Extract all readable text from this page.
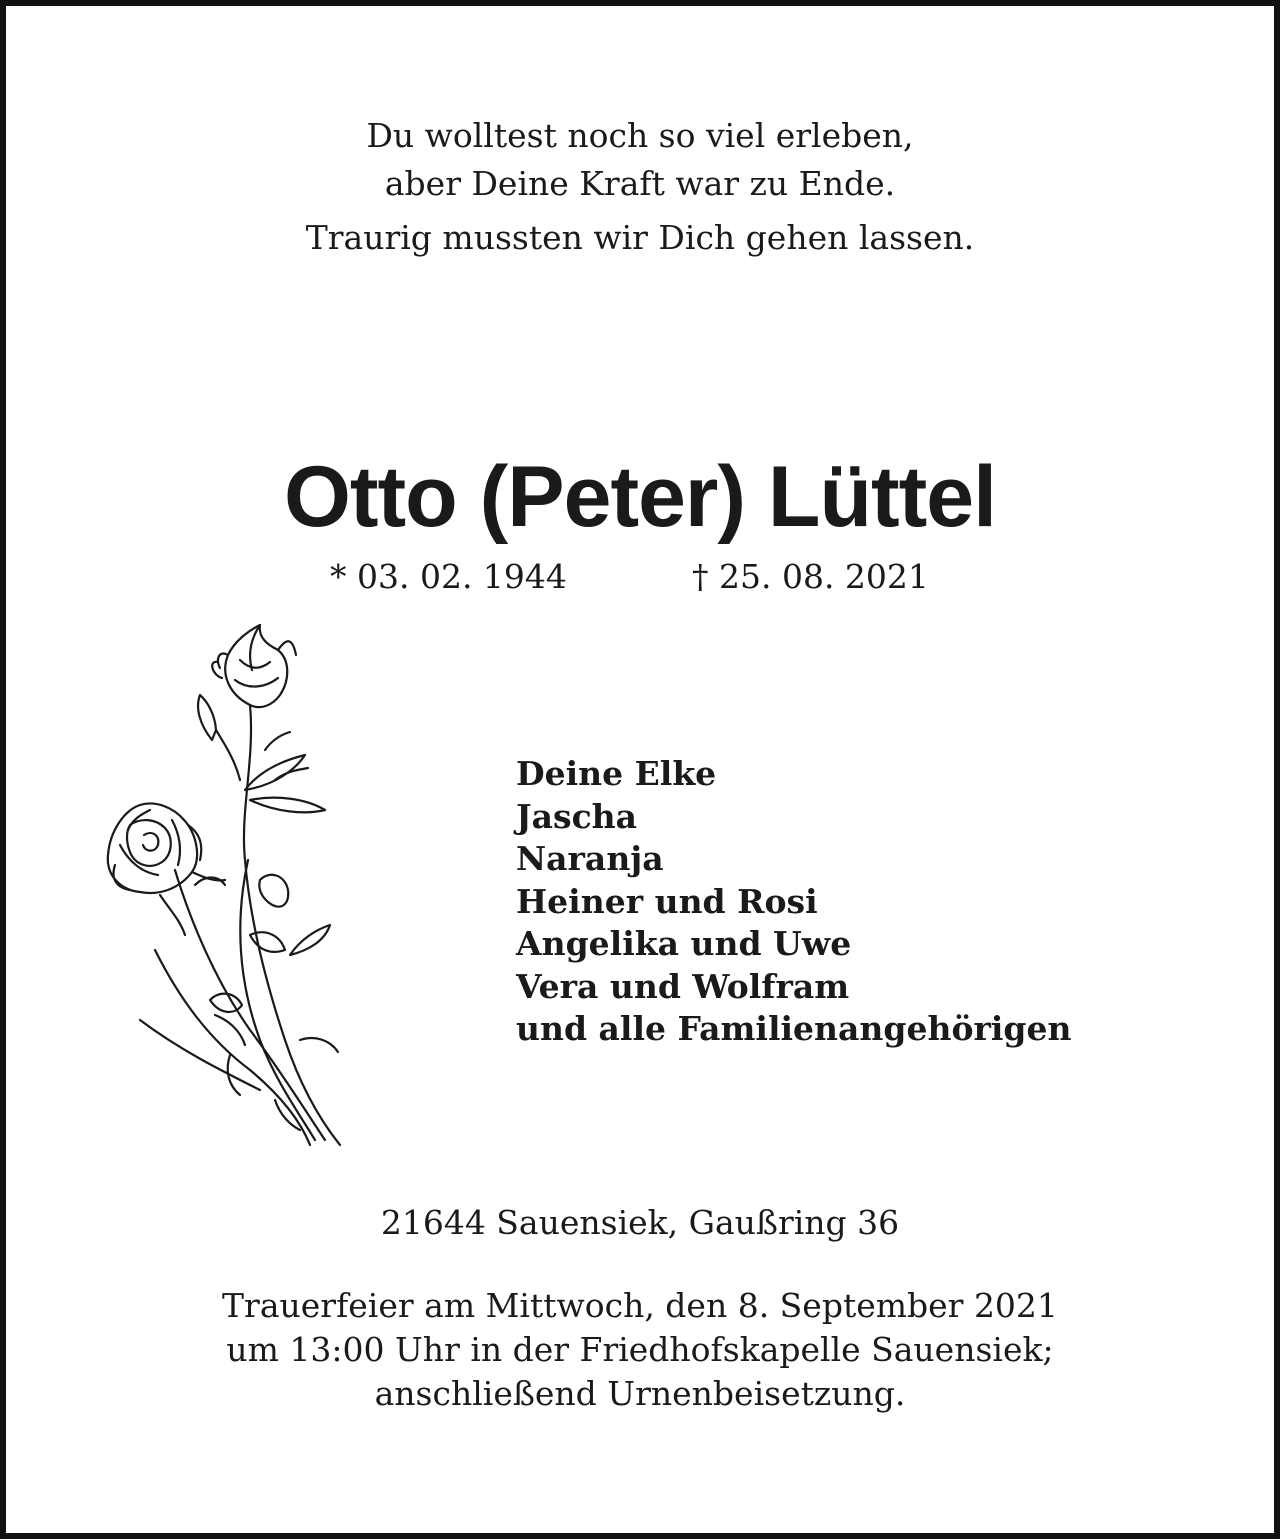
Du wolltest noch so viel erleben,
aber Deine Kraft war zu Ende.
Traurig mussten wir Dich gehen lassen.
Otto (Peter) Lüttel
* 03. 02. 1944	† 25. 08. 2021
Deine Elke
Jascha
Naranja
Heiner und Rosi
Angelika und Uwe
Vera und Wolfram
und alle Familienangehörigen
21644 Sauensiek, Gaußring 36
Trauerfeier am Mittwoch, den 8. September 2021
um 13:00 Uhr in der Friedhofskapelle Sauensiek;
anschließend Urnenbeisetzung.
